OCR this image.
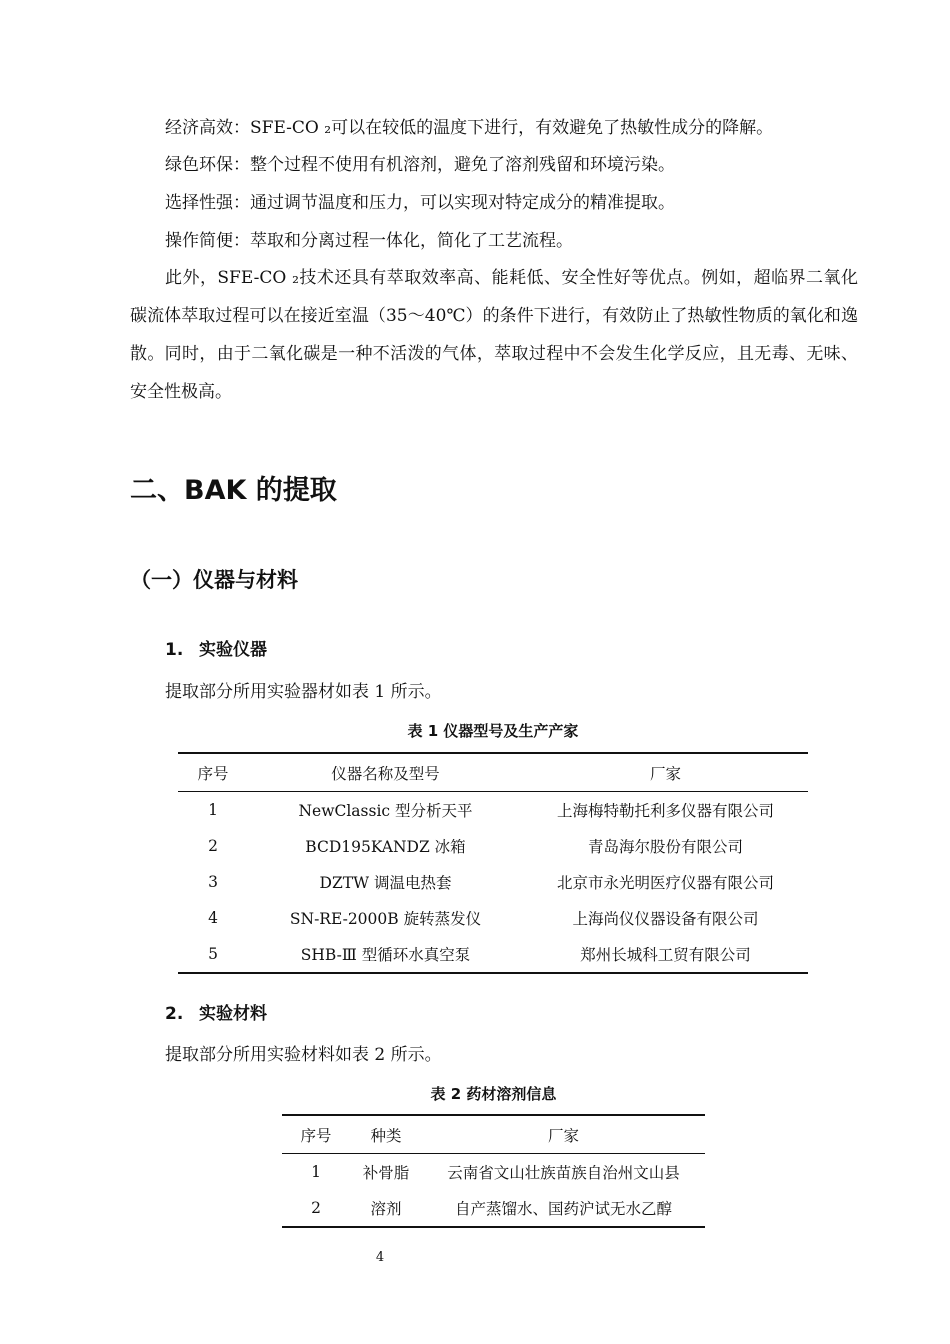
经济高效：SFE-CO ₂可以在较低的温度下进行，有效避免了热敏性成分的降解。
绿色环保：整个过程不使用有机溶剂，避免了溶剂残留和环境污染。
选择性强：通过调节温度和压力，可以实现对特定成分的精准提取。
操作简便：萃取和分离过程一体化，简化了工艺流程。
此外，SFE-CO ₂技术还具有萃取效率高、能耗低、安全性好等优点。例如，超临界二氧化碳流体萃取过程可以在接近室温（35～40℃）的条件下进行，有效防止了热敏性物质的氧化和逸散。同时，由于二氧化碳是一种不活泼的气体，萃取过程中不会发生化学反应，且无毒、无味、安全性极高。
二、BAK 的提取
（一）仪器与材料
1. 实验仪器
提取部分所用实验器材如表 1 所示。
表 1 仪器型号及生产产家
序号	仪器名称及型号	厂家
1	NewClassic 型分析天平	上海梅特勒托利多仪器有限公司
2	BCD195KANDZ 冰箱	青岛海尔股份有限公司
3	DZTW 调温电热套	北京市永光明医疗仪器有限公司
4	SN-RE-2000B 旋转蒸发仪	上海尚仪仪器设备有限公司
5	SHB-Ⅲ 型循环水真空泵	郑州长城科工贸有限公司
2. 实验材料
提取部分所用实验材料如表 2 所示。
表 2 药材溶剂信息
序号	种类	厂家
1	补骨脂	云南省文山壮族苗族自治州文山县
2	溶剂	自产蒸馏水、国药沪试无水乙醇
4
